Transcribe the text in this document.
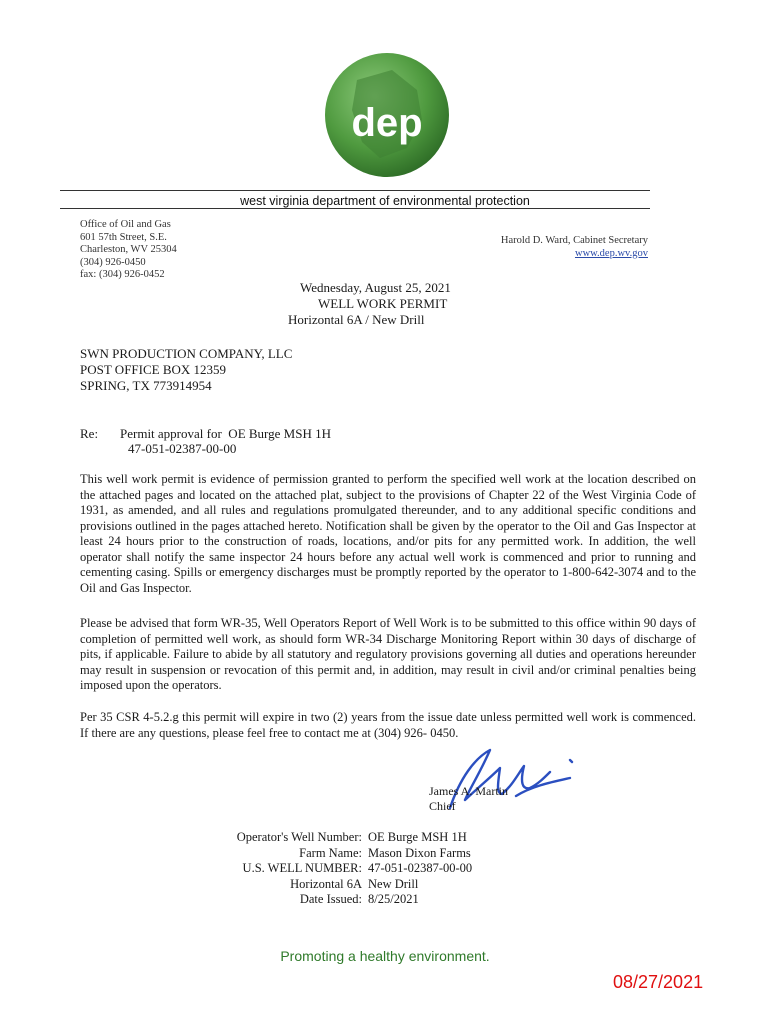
dep
west virginia department of environmental protection
Office of Oil and Gas
601 57th Street, S.E.
Charleston, WV 25304
(304) 926-0450
fax: (304) 926-0452
Harold D. Ward, Cabinet Secretary
www.dep.wv.gov
Wednesday, August 25, 2021
WELL WORK PERMIT
Horizontal 6A / New Drill
SWN PRODUCTION COMPANY, LLC
POST OFFICE BOX 12359
SPRING, TX 773914954
Re: Permit approval for  OE Burge MSH 1H
47-051-02387-00-00
This well work permit is evidence of permission granted to perform the specified well work at the location described on the attached pages and located on the attached plat, subject to the provisions of Chapter 22 of the West Virginia Code of 1931, as amended, and all rules and regulations promulgated thereunder, and to any additional specific conditions and provisions outlined in the pages attached hereto. Notification shall be given by the operator to the Oil and Gas Inspector at least 24 hours prior to the construction of roads, locations, and/or pits for any permitted work. In addition, the well operator shall notify the same inspector 24 hours before any actual well work is commenced and prior to running and cementing casing. Spills or emergency discharges must be promptly reported by the operator to 1-800-642-3074 and to the Oil and Gas Inspector.
Please be advised that form WR-35, Well Operators Report of Well Work is to be submitted to this office within 90 days of completion of permitted well work, as should form WR-34 Discharge Monitoring Report within 30 days of discharge of pits, if applicable. Failure to abide by all statutory and regulatory provisions governing all duties and operations hereunder may result in suspension or revocation of this permit and, in addition, may result in civil and/or criminal penalties being imposed upon the operators.
Per 35 CSR 4-5.2.g this permit will expire in two (2) years from the issue date unless permitted well work is commenced. If there are any questions, please feel free to contact me at (304) 926- 0450.
James A. Martin
Chief
Operator's Well Number:
Farm Name:
U.S. WELL NUMBER:
Horizontal 6A
Date Issued:
OE Burge MSH 1H
Mason Dixon Farms
47-051-02387-00-00
New Drill
8/25/2021
Promoting a healthy environment.
08/27/2021
